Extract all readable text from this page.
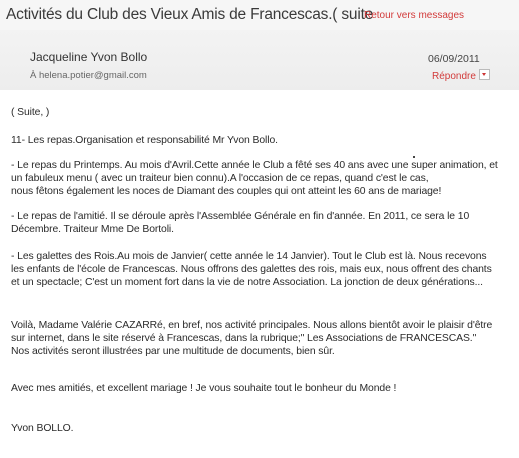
Activités du Club des Vieux Amis de Francescas.( suite
Retour vers messages
Jacqueline Yvon Bollo
À helena.potier@gmail.com
06/09/2011
Répondre
( Suite, )
11- Les repas.Organisation et responsabilité Mr Yvon Bollo.
- Le repas du Printemps. Au mois d'Avril.Cette année le Club a fêté ses 40 ans avec une super animation, et
un fabuleux menu ( avec un traiteur bien connu).A l'occasion de ce repas, quand c'est le cas,
nous fêtons également les noces de Diamant des couples qui ont atteint les 60 ans de mariage!
- Le repas de l'amitié. Il se déroule après l'Assemblée Générale en fin d'année. En 2011, ce sera le 10
Décembre. Traiteur Mme De Bortoli.
- Les galettes des Rois.Au mois de Janvier( cette année le 14 Janvier). Tout le Club est là. Nous recevons
les enfants de l'école de Francescas. Nous offrons des galettes des rois, mais eux, nous offrent des chants
et un spectacle; C'est un moment fort dans la vie de notre Association. La jonction de deux générations...
Voilà, Madame Valérie CAZARRé, en bref, nos activité principales. Nous allons bientôt avoir le plaisir d'être
sur internet, dans le site réservé à Francescas, dans la rubrique;" Les Associations de FRANCESCAS."
Nos activités seront illustrées par une multitude de documents, bien sûr.
Avec mes amitiés, et excellent mariage ! Je vous souhaite tout le bonheur du Monde !
Yvon BOLLO.
